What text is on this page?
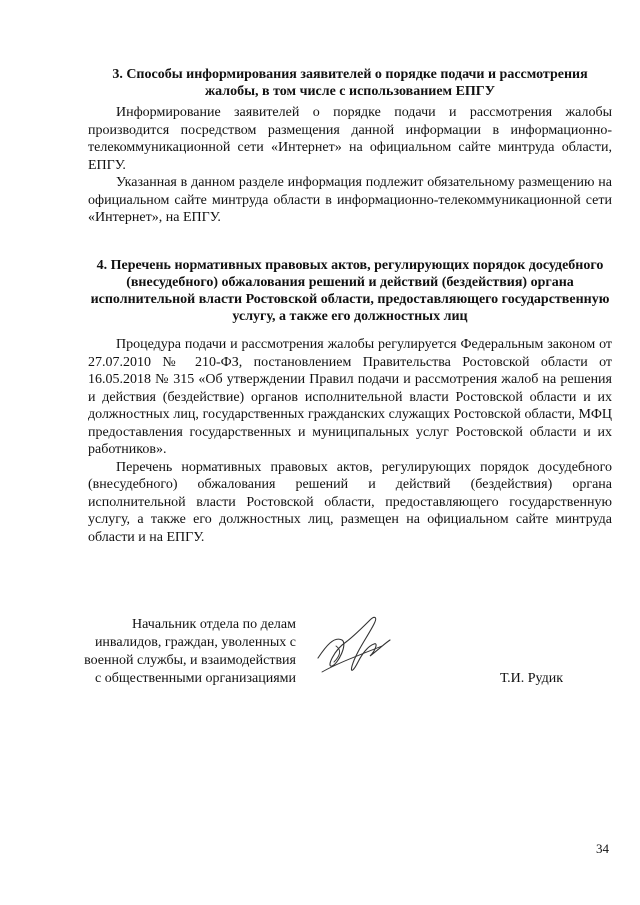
3. Способы информирования заявителей о порядке подачи и рассмотрения жалобы, в том числе с использованием ЕПГУ

Информирование заявителей о порядке подачи и рассмотрения жалобы производится посредством размещения данной информации в информационно-телекоммуникационной сети «Интернет» на официальном сайте минтруда области, ЕПГУ.

Указанная в данном разделе информация подлежит обязательному размещению на официальном сайте минтруда области в информационно-телекоммуникационной сети «Интернет», на ЕПГУ.

4. Перечень нормативных правовых актов, регулирующих порядок досудебного (внесудебного) обжалования решений и действий (бездействия) органа исполнительной власти Ростовской области, предоставляющего государственную услугу, а также его должностных лиц

Процедура подачи и рассмотрения жалобы регулируется Федеральным законом от 27.07.2010 № 210-ФЗ, постановлением Правительства Ростовской области от 16.05.2018 № 315 «Об утверждении Правил подачи и рассмотрения жалоб на решения и действия (бездействие) органов исполнительной власти Ростовской области и их должностных лиц, государственных гражданских служащих Ростовской области, МФЦ предоставления государственных и муниципальных услуг Ростовской области и их работников».

Перечень нормативных правовых актов, регулирующих порядок досудебного (внесудебного) обжалования решений и действий (бездействия) органа исполнительной власти Ростовской области, предоставляющего государственную услугу, а также его должностных лиц, размещен на официальном сайте минтруда области и на ЕПГУ.

Начальник отдела по делам
инвалидов, граждан, уволенных с
военной службы, и взаимодействия
с общественными организациями	Т.И. Рудик
34
